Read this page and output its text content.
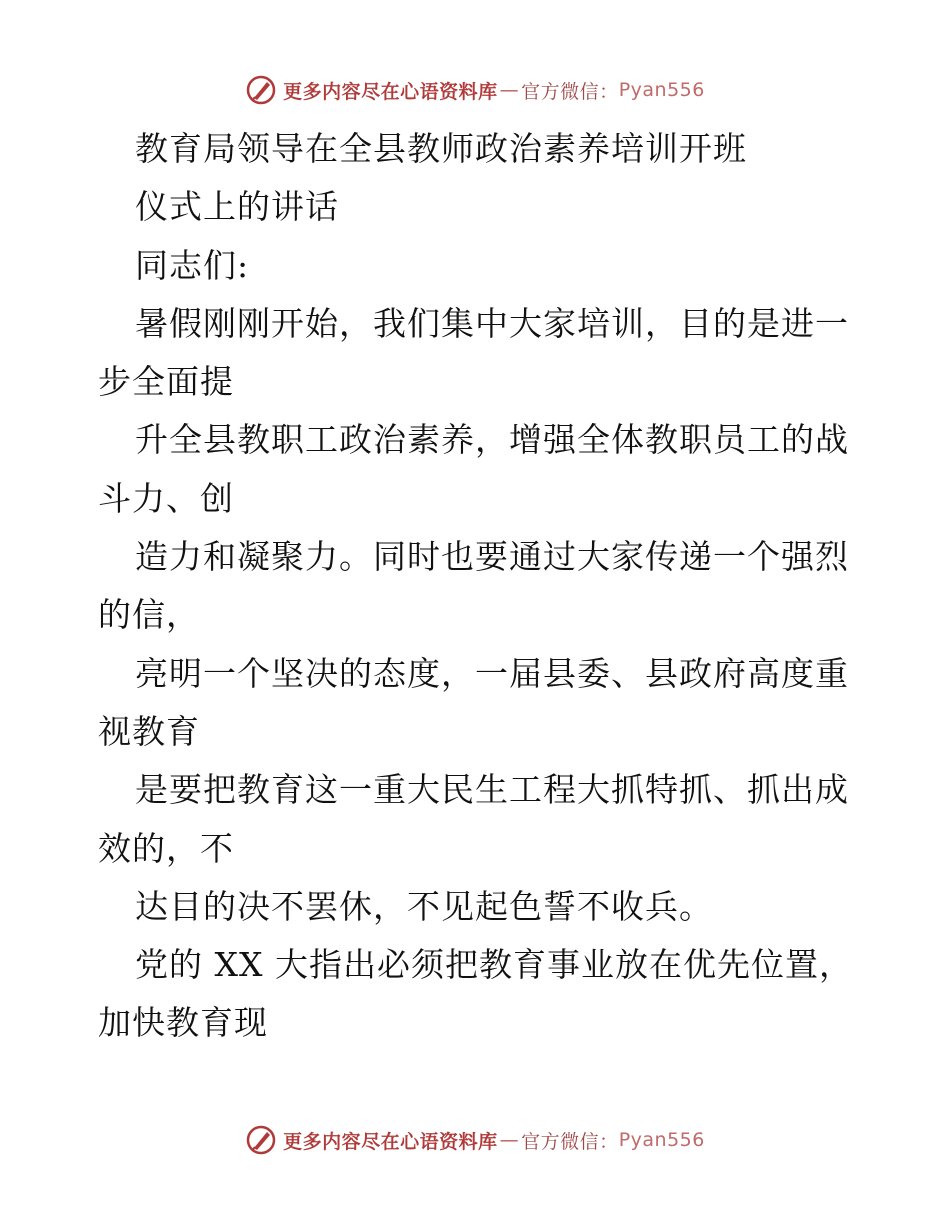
更多内容尽在心语资料库 — 官方微信： Pyan556
教育局领导在全县教师政治素养培训开班
仪式上的讲话
同志们:
暑假刚刚开始，我们集中大家培训，目的是进一
步全面提
升全县教职工政治素养，增强全体教职员工的战
斗力、创
造力和凝聚力。同时也要通过大家传递一个强烈
的信，
亮明一个坚决的态度，一届县委、县政府高度重
视教育
是要把教育这一重大民生工程大抓特抓、抓出成
效的，不
达目的决不罢休，不见起色誓不收兵。
党的 XX 大指出必须把教育事业放在优先位置，
加快教育现
更多内容尽在心语资料库 — 官方微信： Pyan556
